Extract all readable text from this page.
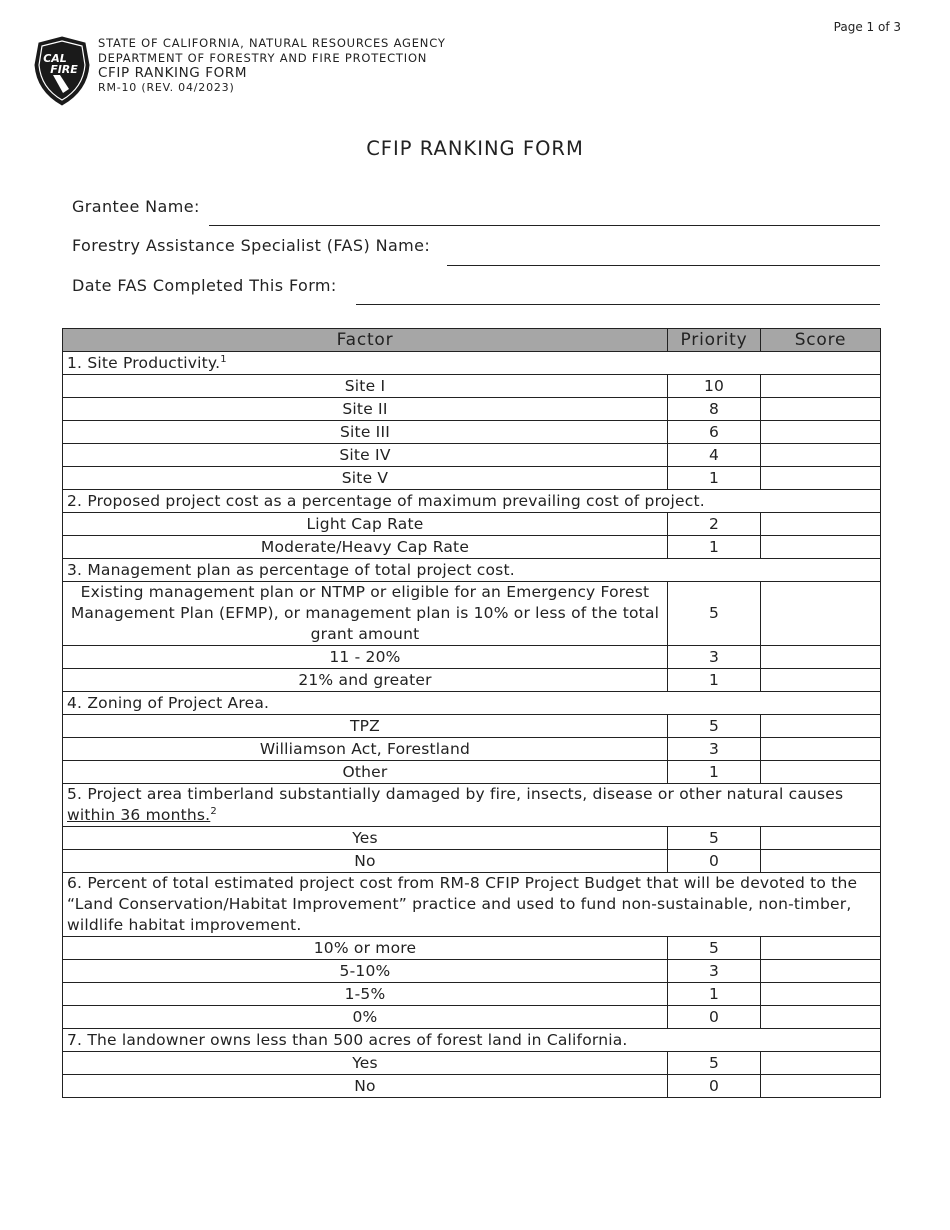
Page 1 of 3
CAL
FIRE
STATE OF CALIFORNIA, NATURAL RESOURCES AGENCY
DEPARTMENT OF FORESTRY AND FIRE PROTECTION
CFIP RANKING FORM
RM-10 (REV. 04/2023)
CFIP RANKING FORM
Grantee Name:
Forestry Assistance Specialist (FAS) Name:
Date FAS Completed This Form:
Factor	Priority	Score
1. Site Productivity.$^1$
Site I	10	
Site II	8	
Site III	6	
Site IV	4	
Site V	1	
2. Proposed project cost as a percentage of maximum prevailing cost of project.		
Light Cap Rate	2	
Moderate/Heavy Cap Rate	1	
3. Management plan as percentage of total project cost.		
Existing management plan or NTMP or eligible for an Emergency Forest Management Plan (EFMP), or management plan is 10% or less of the total grant amount	5	
11 - 20%	3	
21% and greater	1	
4. Zoning of Project Area.		
TPZ	5	
Williamson Act, Forestland	3	
Other	1	
5. Project area timberland substantially damaged by fire, insects, disease or other natural causes within 36 months.$^2$
Yes	5	
No	0	
6. Percent of total estimated project cost from RM-8 CFIP Project Budget that will be devoted to the “Land Conservation/Habitat Improvement” practice and used to fund non-sustainable, non-timber, wildlife habitat improvement.		
10% or more	5	
5-10%	3	
1-5%	1	
0%	0	
7. The landowner owns less than 500 acres of forest land in California.		
Yes	5	
No	0	
